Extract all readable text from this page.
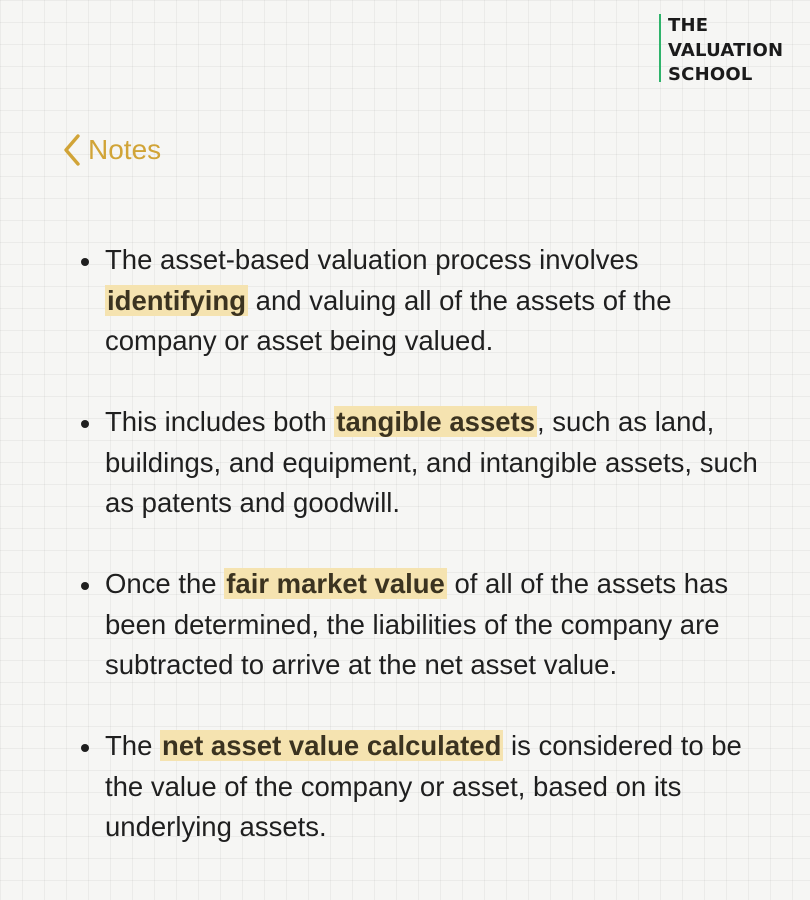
THE
VALUATION
SCHOOL
Notes
The asset-based valuation process involves identifying and valuing all of the assets of the company or asset being valued.
This includes both tangible assets, such as land, buildings, and equipment, and intangible assets, such as patents and goodwill.
Once the fair market value of all of the assets has been determined, the liabilities of the company are subtracted to arrive at the net asset value.
The net asset value calculated is considered to be the value of the company or asset, based on its underlying assets.
